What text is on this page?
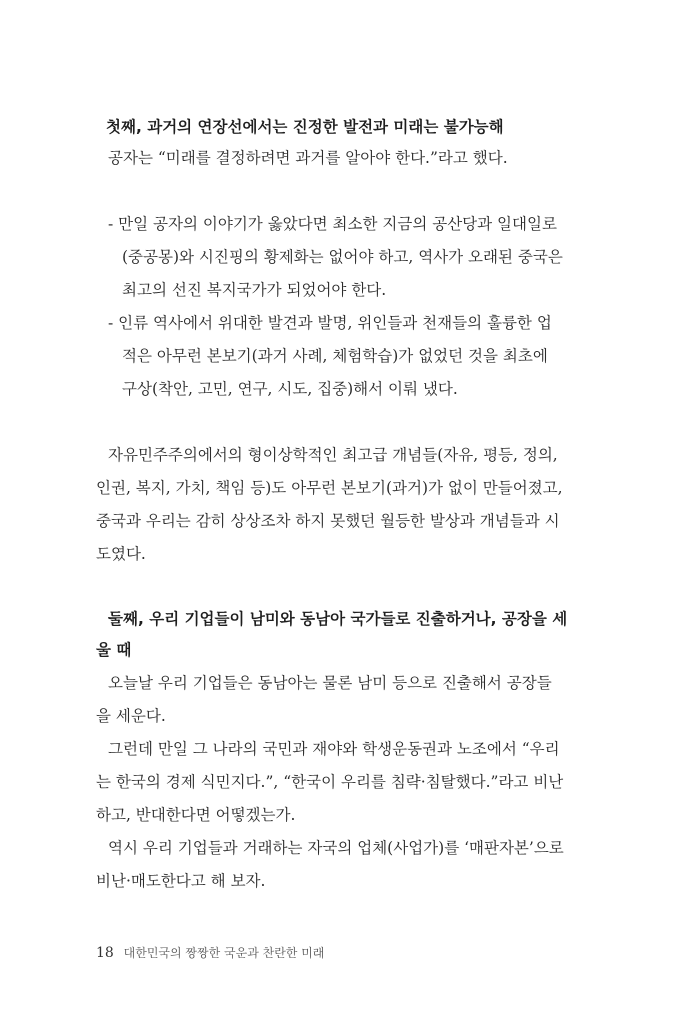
첫째, 과거의 연장선에서는 진정한 발전과 미래는 불가능해
공자는 “미래를 결정하려면 과거를 알아야 한다.”라고 했다.
- 만일 공자의 이야기가 옳았다면 최소한 지금의 공산당과 일대일로
(중공몽)와 시진핑의 황제화는 없어야 하고, 역사가 오래된 중국은
최고의 선진 복지국가가 되었어야 한다.
- 인류 역사에서 위대한 발견과 발명, 위인들과 천재들의 훌륭한 업
적은 아무런 본보기(과거 사례, 체험학습)가 없었던 것을 최초에
구상(착안, 고민, 연구, 시도, 집중)해서 이뤄 냈다.
자유민주주의에서의 형이상학적인 최고급 개념들(자유, 평등, 정의,
인권, 복지, 가치, 책임 등)도 아무런 본보기(과거)가 없이 만들어졌고,
중국과 우리는 감히 상상조차 하지 못했던 월등한 발상과 개념들과 시
도였다.
둘째, 우리 기업들이 남미와 동남아 국가들로 진출하거나, 공장을 세
울 때
오늘날 우리 기업들은 동남아는 물론 남미 등으로 진출해서 공장들
을 세운다.
그런데 만일 그 나라의 국민과 재야와 학생운동권과 노조에서 “우리
는 한국의 경제 식민지다.”, “한국이 우리를 침략·침탈했다.”라고 비난
하고, 반대한다면 어떻겠는가.
역시 우리 기업들과 거래하는 자국의 업체(사업가)를 ‘매판자본’으로
비난·매도한다고 해 보자.
18 대한민국의 짱짱한 국운과 찬란한 미래
